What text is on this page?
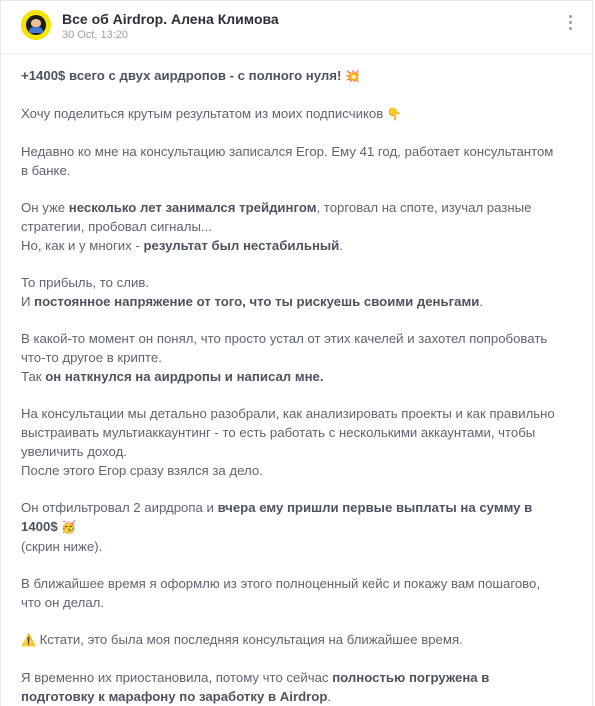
Все об Airdrop. Алена Климова
30 Oct, 13:20

+1400$ всего с двух аирдропов - с полного нуля! 💥

Хочу поделиться крутым результатом из моих подписчиков 👇

Недавно ко мне на консультацию записался Егор. Ему 41 год, работает консультантом в банке.

Он уже несколько лет занимался трейдингом, торговал на споте, изучал разные стратегии, пробовал сигналы...
Но, как и у многих - результат был нестабильный.

То прибыль, то слив.
И постоянное напряжение от того, что ты рискуешь своими деньгами.

В какой-то момент он понял, что просто устал от этих качелей и захотел попробовать что-то другое в крипте.
Так он наткнулся на аирдропы и написал мне.

На консультации мы детально разобрали, как анализировать проекты и как правильно выстраивать мультиаккаунтинг - то есть работать с несколькими аккаунтами, чтобы увеличить доход.
После этого Егор сразу взялся за дело.

Он отфильтровал 2 аирдропа и вчера ему пришли первые выплаты на сумму в 1400$ 🥳
(скрин ниже).

В ближайшее время я оформлю из этого полноценный кейс и покажу вам пошагово, что он делал.

⚠️ Кстати, это была моя последняя консультация на ближайшее время.

Я временно их приостановила, потому что сейчас полностью погружена в подготовку к марафону по заработку в Airdrop.
